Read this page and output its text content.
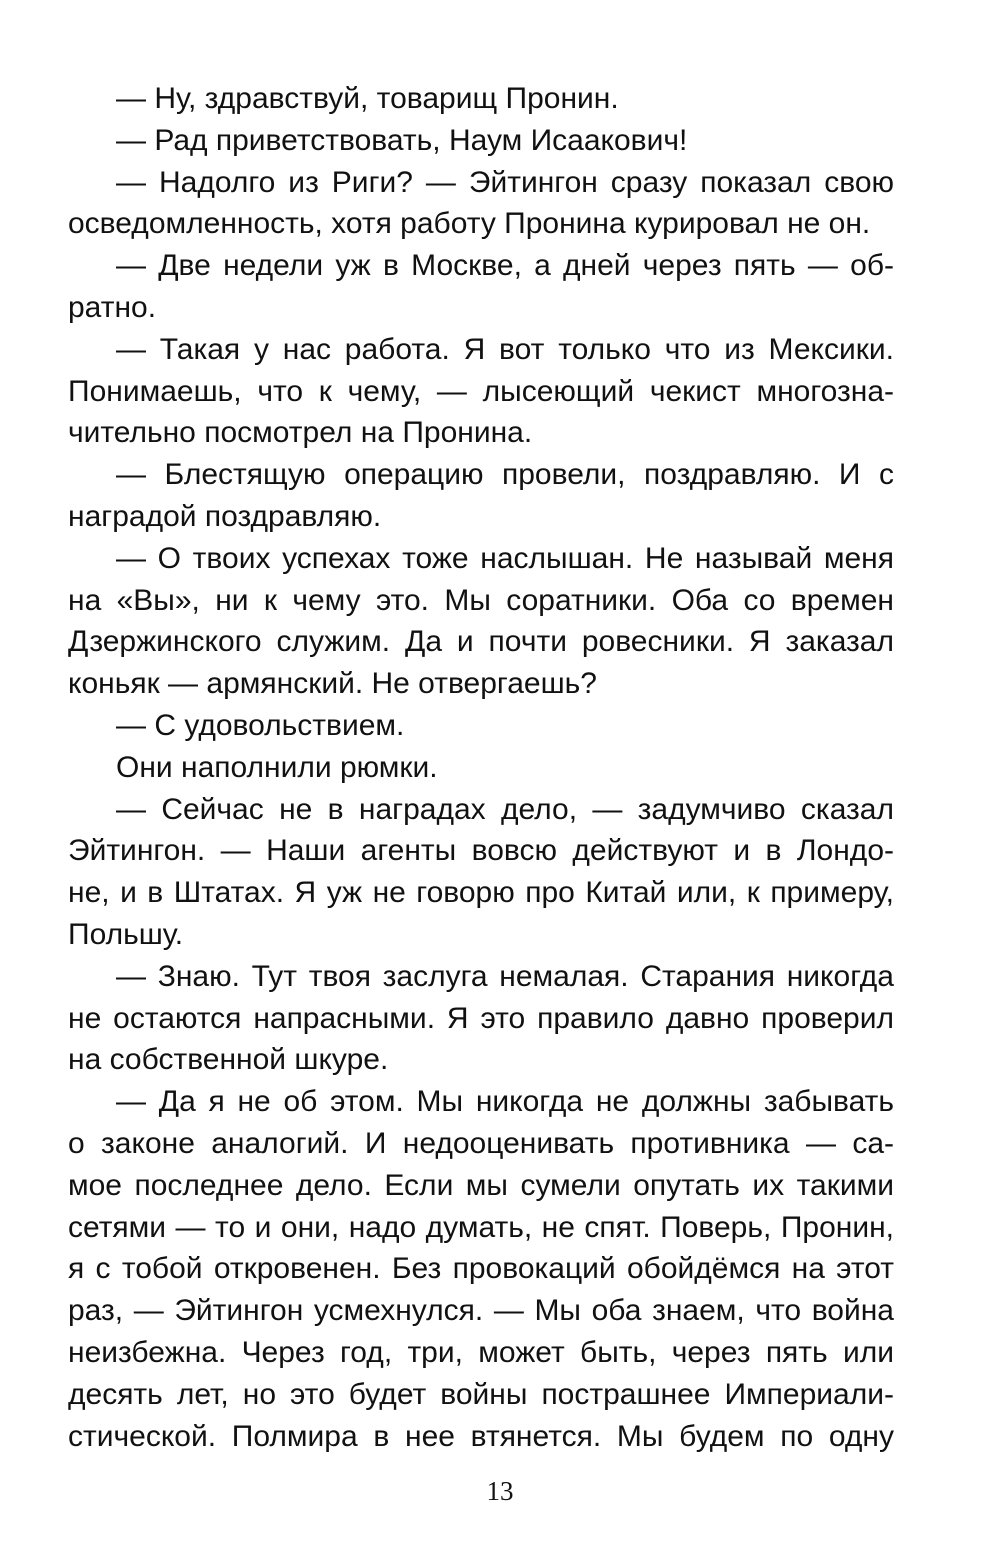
— Ну, здравствуй, товарищ Пронин.
— Рад приветствовать, Наум Исаакович!
— Надолго из Риги? — Эйтингон сразу показал свою
осведомленность, хотя работу Пронина курировал не он.
— Две недели уж в Москве, а дней через пять — об-
ратно.
— Такая у нас работа. Я вот только что из Мексики.
Понимаешь, что к чему, — лысеющий чекист многозна-
чительно посмотрел на Пронина.
— Блестящую операцию провели, поздравляю. И с
наградой поздравляю.
— О твоих успехах тоже наслышан. Не называй меня
на «Вы», ни к чему это. Мы соратники. Оба со времен
Дзержинского служим. Да и почти ровесники. Я заказал
коньяк — армянский. Не отвергаешь?
— С удовольствием.
Они наполнили рюмки.
— Сейчас не в наградах дело, — задумчиво сказал
Эйтингон. — Наши агенты вовсю действуют и в Лондо-
не, и в Штатах. Я уж не говорю про Китай или, к примеру,
Польшу.
— Знаю. Тут твоя заслуга немалая. Старания никогда
не остаются напрасными. Я это правило давно проверил
на собственной шкуре.
— Да я не об этом. Мы никогда не должны забывать
о законе аналогий. И недооценивать противника — са-
мое последнее дело. Если мы сумели опутать их такими
сетями — то и они, надо думать, не спят. Поверь, Пронин,
я с тобой откровенен. Без провокаций обойдёмся на этот
раз, — Эйтингон усмехнулся. — Мы оба знаем, что война
неизбежна. Через год, три, может быть, через пять или
десять лет, но это будет войны пострашнее Империали-
стической. Полмира в нее втянется. Мы будем по одну
13
